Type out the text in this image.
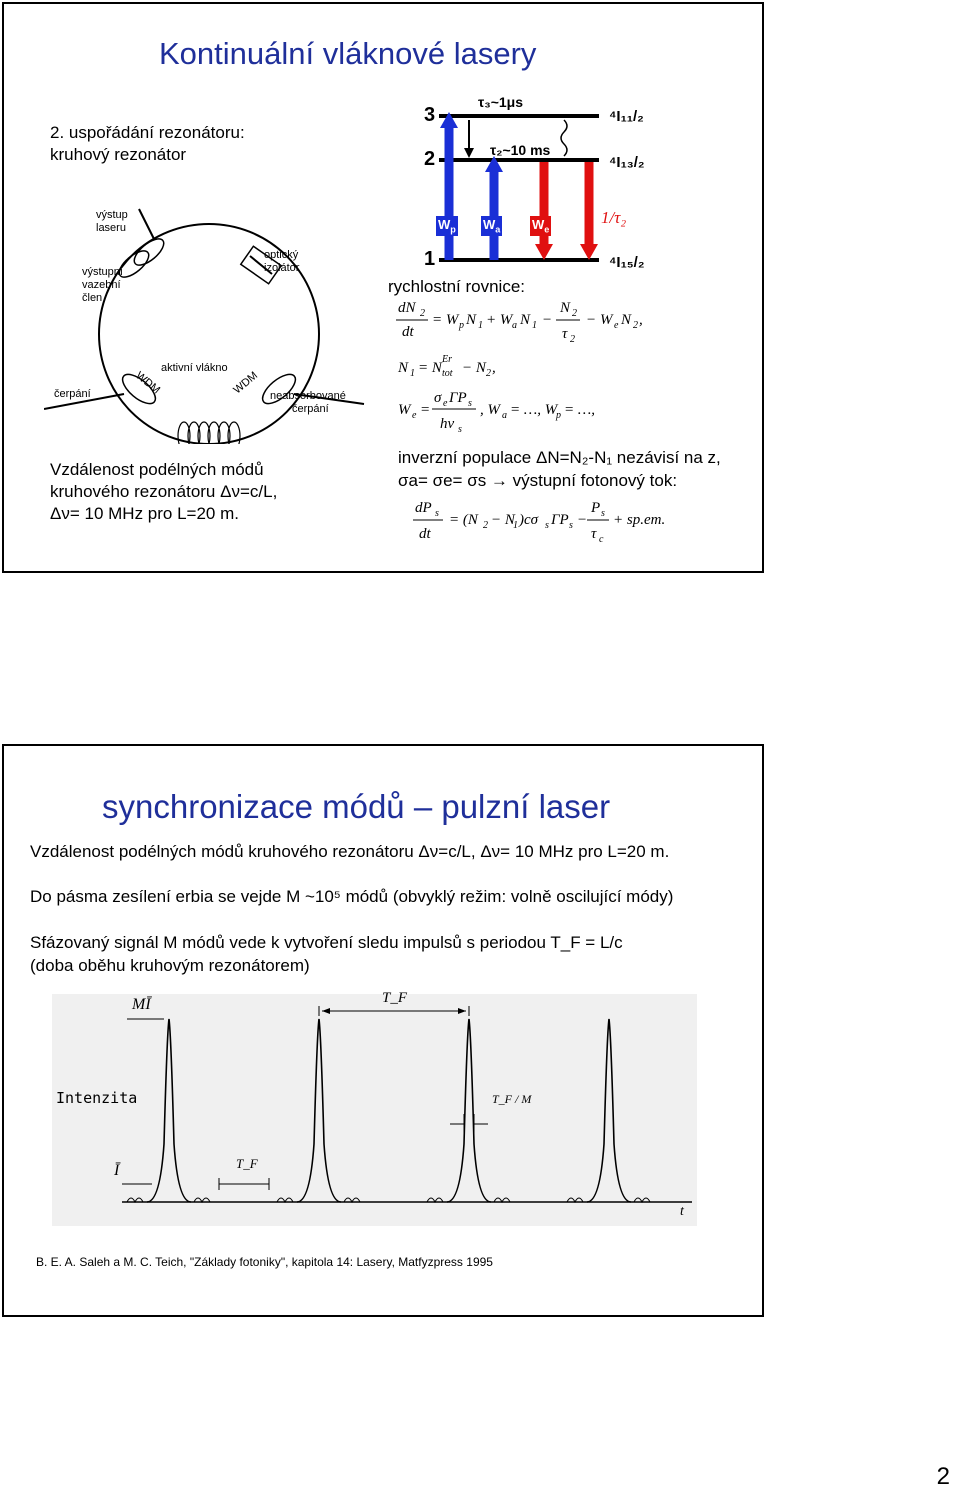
Kontinuální vláknové lasery
2. uspořádání rezonátoru:
kruhový rezonátor
výstup
laseru
výstupní
vazební
člen
optický
izolátor
aktivní vlákno
čerpání	WDM	WDM neabsorbované
čerpání
3
2
1
τ₃~1μs
τ₂~10 ms
⁴I₁₁/₂
⁴I₁₃/₂
⁴I₁₅/₂
$W_p$ $W_a$ $W_e$
1/τ₂
rychlostní rovnice:
dN 2
dt
= W p N 1 + W a N 1 −
N 2
τ 2
− W e N 2 ,
N 1 = N tot
Er
− N 2 ,
W e =
σ e ΓP s
hν s
, W a = …, W
p = …,
Vzdálenost podélných módů
kruhového rezonátoru Δν=c/L,
Δν= 10 MHz pro L=20 m.
inverzní populace ΔN=N₂-N₁ nezávisí na z,
σa= σe= σs → výstupní fotonový tok:
dP s
dt
= (N 2 − N
1 )cσ s ΓP s −
P s
τ c
+ sp.em.
synchronizace módů – pulzní laser
Vzdálenost podélných módů kruhového rezonátoru Δν=c/L, Δν= 10 MHz pro L=20 m.
Do pásma zesílení erbia se vejde M ~10⁵ módů (obvyklý režim: volně oscilující módy)
Sfázovaný signál M módů vede k vytvoření sledu impulsů s periodou T_F = L/c
(doba oběhu kruhovým rezonátorem)
MĪ
Intenzita
Ī
T_F
T_F / M
T_F
t
B. E. A. Saleh a M. C. Teich, "Základy fotoniky", kapitola 14: Lasery, Matfyzpress 1995
2
